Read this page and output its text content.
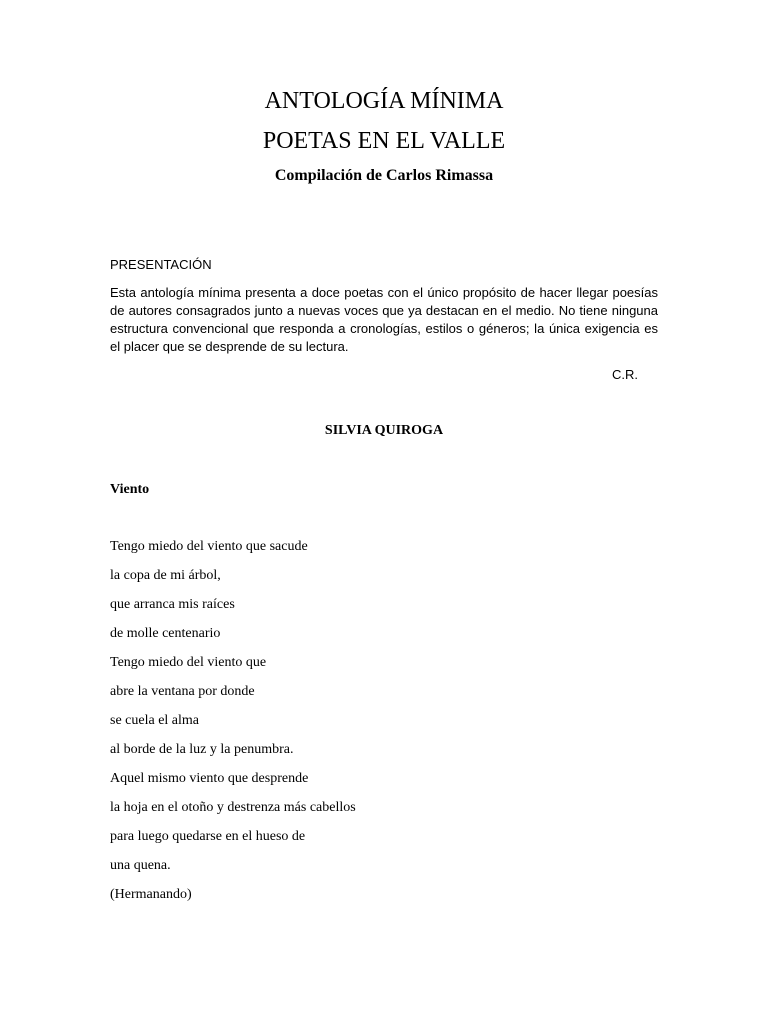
ANTOLOGÍA MÍNIMA
POETAS EN EL VALLE
Compilación de Carlos Rimassa
PRESENTACIÓN

Esta antología mínima presenta a doce poetas con el único propósito de hacer llegar poesías de autores consagrados junto a nuevas voces que ya destacan en el medio. No tiene ninguna estructura convencional que responda a cronologías, estilos o géneros; la única exigencia es el placer que se desprende de su lectura.

C.R.
SILVIA QUIROGA
Viento
Tengo miedo del viento que sacude
la copa de mi árbol,
que arranca mis raíces
de molle centenario
Tengo miedo del viento que
abre la ventana por donde
se cuela el alma
al borde de la luz y la penumbra.
Aquel mismo viento que desprende
la hoja en el otoño y destrenza más cabellos
para luego quedarse en el hueso de
una quena.
(Hermanando)
